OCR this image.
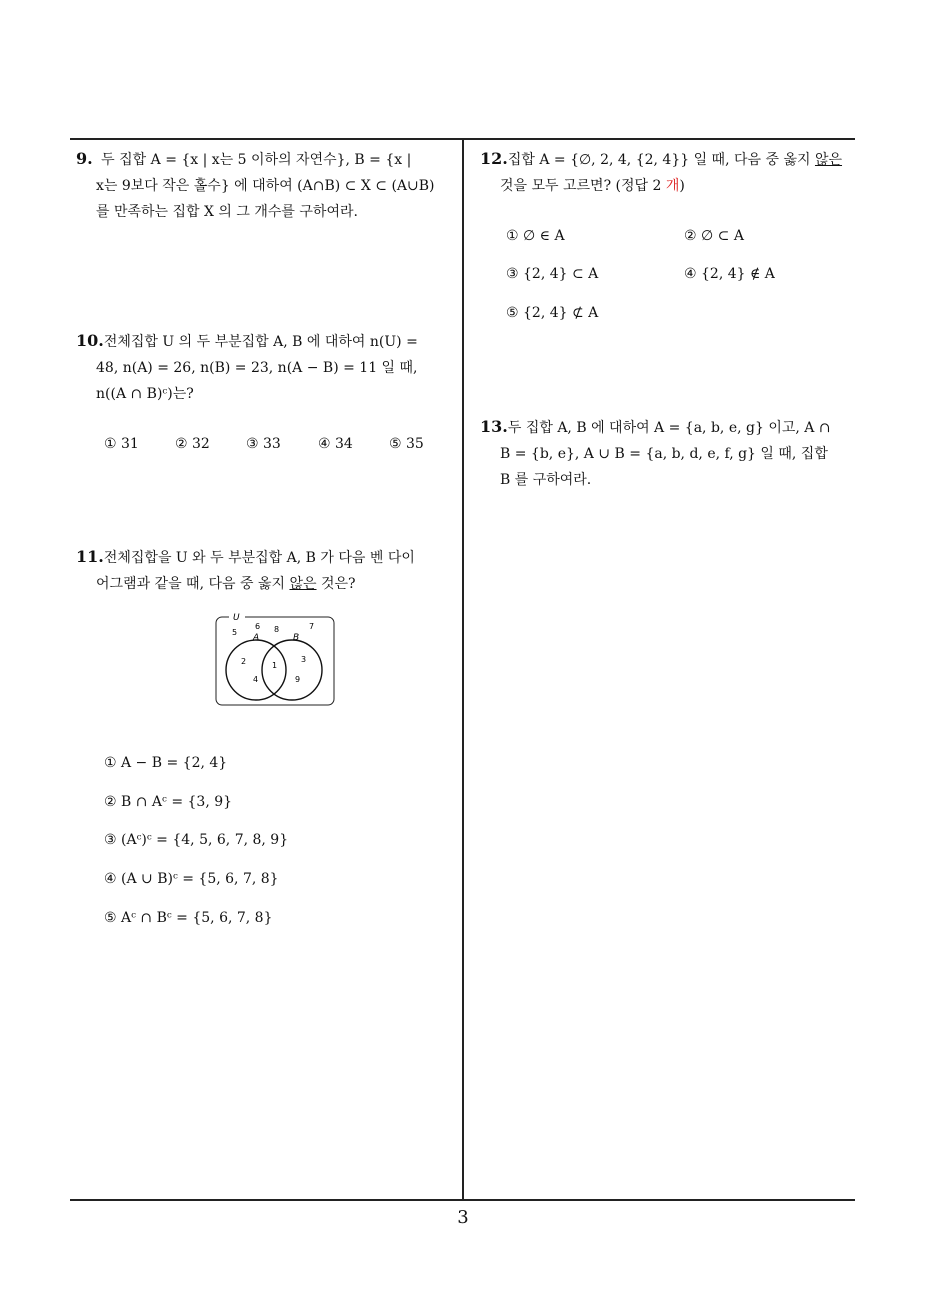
9. 두 집합 A = {x | x는 5 이하의 자연수}, B = {x |
x는 9보다 작은 홀수} 에 대하여 (A∩B) ⊂ X ⊂ (A∪B)
를 만족하는 집합 X 의 그 개수를 구하여라.
10.전체집합 U 의 두 부분집합 A, B 에 대하여 n(U) =
48, n(A) = 26, n(B) = 23, n(A − B) = 11 일 때,
n((A ∩ B)ᶜ)는?
① 31	② 32	③ 33	④ 34	⑤ 35
11.전체집합을 U 와 두 부분집합 A, B 가 다음 벤 다이
어그램과 같을 때, 다음 중 옳지 않은 것은?
U
A	B
5
6 8	7
2
4
1
3
9
① A − B = {2, 4}
② B ∩ Aᶜ = {3, 9}
③ (Aᶜ)ᶜ = {4, 5, 6, 7, 8, 9}
④ (A ∪ B)ᶜ = {5, 6, 7, 8}
⑤ Aᶜ ∩ Bᶜ = {5, 6, 7, 8}
12.집합 A = {∅, 2, 4, {2, 4}} 일 때, 다음 중 옳지 않은
것을 모두 고르면? (정답 2 개)
① ∅ ∈ A	② ∅ ⊂ A
③ {2, 4} ⊂ A	④ {2, 4} ∉ A
⑤ {2, 4} ⊄ A
13.두 집합 A, B 에 대하여 A = {a, b, e, g} 이고, A ∩
B = {b, e}, A ∪ B = {a, b, d, e, f, g} 일 때, 집합
B 를 구하여라.
3
